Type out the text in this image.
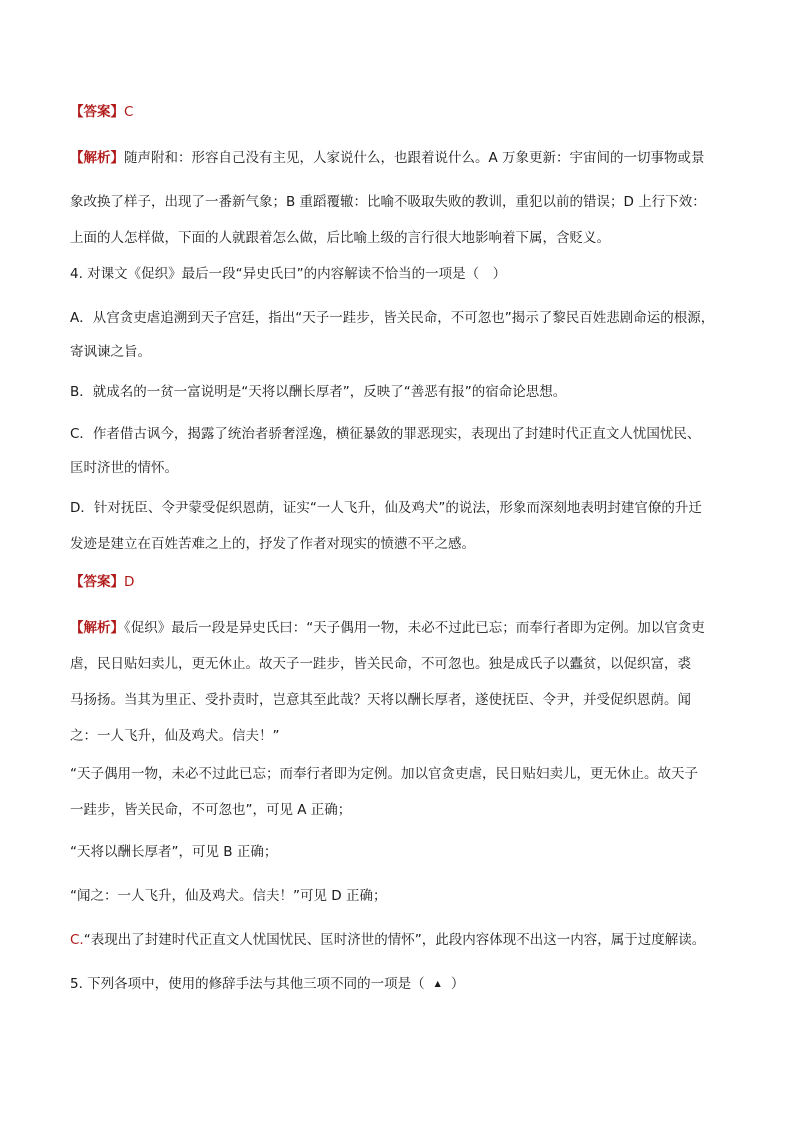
【答案】C
【解析】随声附和：形容自己没有主见，人家说什么，也跟着说什么。A 万象更新：宇宙间的一切事物或景
象改换了样子，出现了一番新气象；B 重蹈覆辙：比喻不吸取失败的教训，重犯以前的错误；D 上行下效：
上面的人怎样做，下面的人就跟着怎么做，后比喻上级的言行很大地影响着下属，含贬义。
4. 对课文《促织》最后一段“异史氏曰”的内容解读不恰当的一项是（　）
A．从宫贪吏虐追溯到天子宫廷，指出“天子一跬步，皆关民命，不可忽也”揭示了黎民百姓悲剧命运的根源，
寄讽谏之旨。
B．就成名的一贫一富说明是“天将以酬长厚者”，反映了“善恶有报”的宿命论思想。
C．作者借古讽今，揭露了统治者骄奢淫逸，横征暴敛的罪恶现实，表现出了封建时代正直文人忧国忧民、
匡时济世的情怀。
D．针对抚臣、令尹蒙受促织恩荫，证实“一人飞升，仙及鸡犬”的说法，形象而深刻地表明封建官僚的升迁
发迹是建立在百姓苦难之上的，抒发了作者对现实的愤懑不平之感。
【答案】D
【解析】《促织》最后一段是异史氏曰：“天子偶用一物，未必不过此已忘；而奉行者即为定例。加以官贪吏
虐，民日贴妇卖儿，更无休止。故天子一跬步，皆关民命，不可忽也。独是成氏子以蠹贫，以促织富，裘
马扬扬。当其为里正、受扑责时，岂意其至此哉？天将以酬长厚者，遂使抚臣、令尹，并受促织恩荫。闻
之：一人飞升，仙及鸡犬。信夫！”
“天子偶用一物，未必不过此已忘；而奉行者即为定例。加以官贪吏虐，民日贴妇卖儿，更无休止。故天子
一跬步，皆关民命，不可忽也”，可见 A 正确；
“天将以酬长厚者”，可见 B 正确；
“闻之：一人飞升，仙及鸡犬。信夫！”可见 D 正确；
C.“表现出了封建时代正直文人忧国忧民、匡时济世的情怀”，此段内容体现不出这一内容，属于过度解读。
5. 下列各项中，使用的修辞手法与其他三项不同的一项是（ ▲ ）
